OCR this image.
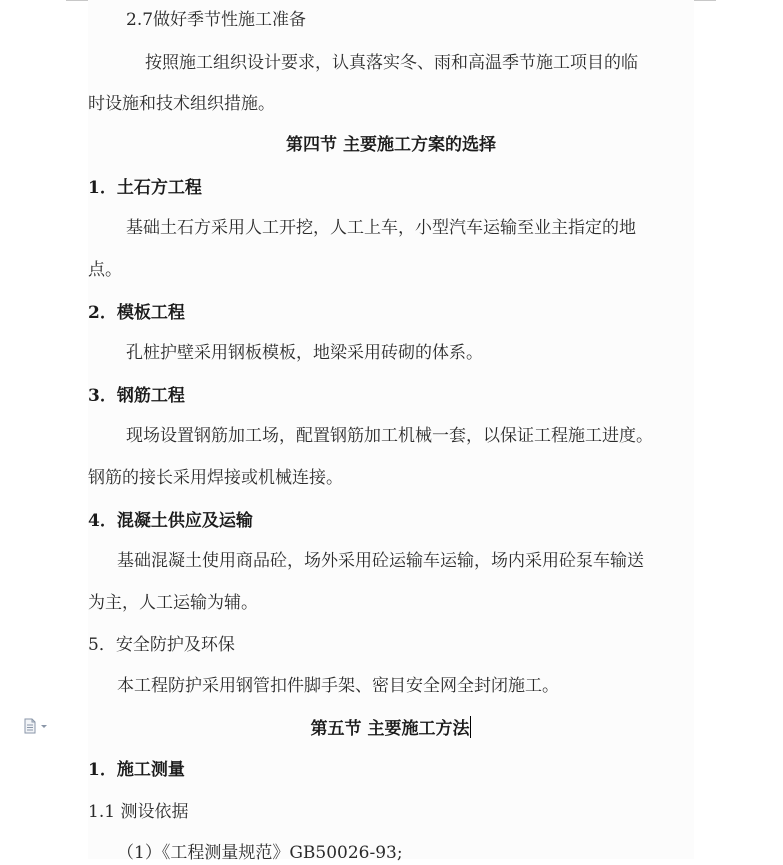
2.7做好季节性施工准备
按照施工组织设计要求，认真落实冬、雨和高温季节施工项目的临
时设施和技术组织措施。
第四节 主要施工方案的选择
1．土石方工程
基础土石方采用人工开挖，人工上车，小型汽车运输至业主指定的地
点。
2．模板工程
孔桩护壁采用钢板模板，地梁采用砖砌的体系。
3．钢筋工程
现场设置钢筋加工场，配置钢筋加工机械一套，以保证工程施工进度。
钢筋的接长采用焊接或机械连接。
4．混凝土供应及运输
基础混凝土使用商品砼，场外采用砼运输车运输，场内采用砼泵车输送
为主，人工运输为辅。
5．安全防护及环保
本工程防护采用钢管扣件脚手架、密目安全网全封闭施工。
第五节 主要施工方法
1．施工测量
1.1 测设依据
（1）《工程测量规范》GB50026-93;
